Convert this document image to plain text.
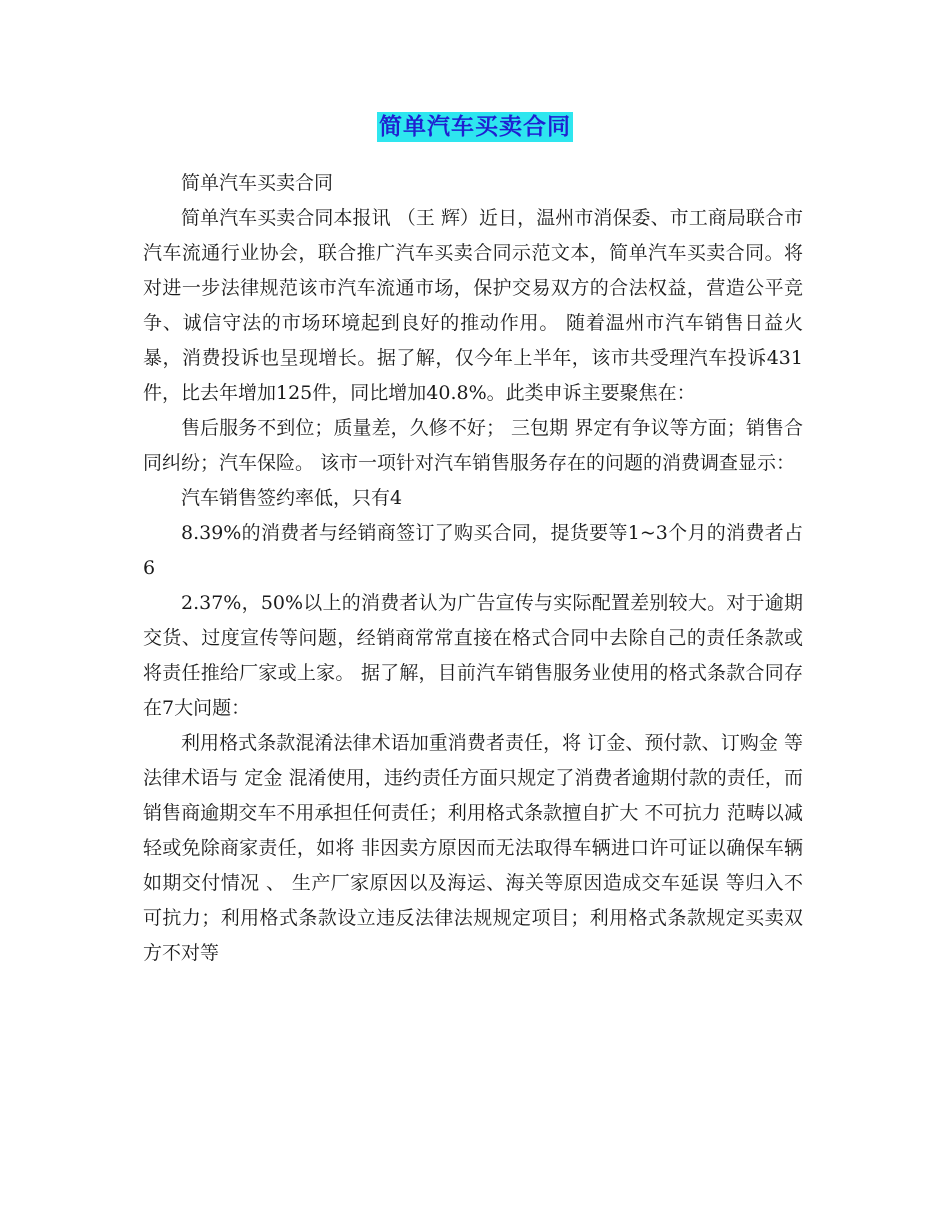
简单汽车买卖合同

简单汽车买卖合同

简单汽车买卖合同本报讯 （王 辉）近日，温州市消保委、市工商局联合市汽车流通行业协会，联合推广汽车买卖合同示范文本，简单汽车买卖合同。将对进一步法律规范该市汽车流通市场，保护交易双方的合法权益，营造公平竞争、诚信守法的市场环境起到良好的推动作用。 随着温州市汽车销售日益火暴，消费投诉也呈现增长。据了解，仅今年上半年，该市共受理汽车投诉431件，比去年增加125件，同比增加40.8%。此类申诉主要聚焦在：

售后服务不到位；质量差，久修不好； 三包期 界定有争议等方面；销售合同纠纷；汽车保险。 该市一项针对汽车销售服务存在的问题的消费调查显示：

汽车销售签约率低，只有4

8.39%的消费者与经销商签订了购买合同，提货要等1~3个月的消费者占6

2.37%，50%以上的消费者认为广告宣传与实际配置差别较大。对于逾期交货、过度宣传等问题，经销商常常直接在格式合同中去除自己的责任条款或将责任推给厂家或上家。 据了解，目前汽车销售服务业使用的格式条款合同存在7大问题：

利用格式条款混淆法律术语加重消费者责任，将 订金、预付款、订购金 等法律术语与 定金 混淆使用，违约责任方面只规定了消费者逾期付款的责任，而销售商逾期交车不用承担任何责任；利用格式条款擅自扩大 不可抗力 范畴以减轻或免除商家责任，如将 非因卖方原因而无法取得车辆进口许可证以确保车辆如期交付情况 、 生产厂家原因以及海运、海关等原因造成交车延误 等归入不可抗力；利用格式条款设立违反法律法规规定项目；利用格式条款规定买卖双方不对等
